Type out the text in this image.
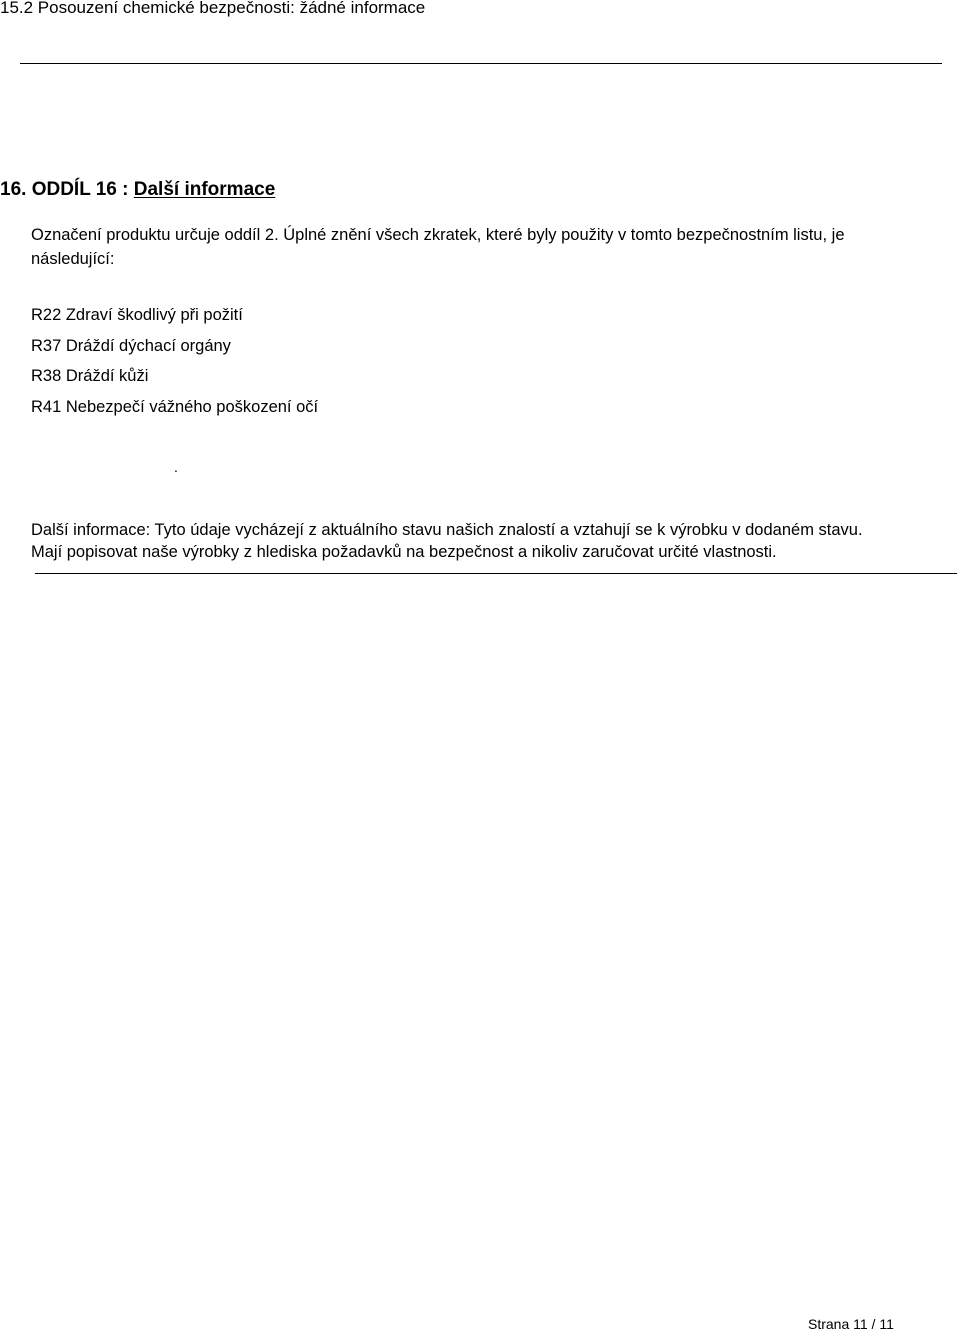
15.2 Posouzení chemické bezpečnosti: žádné informace
16. ODDÍL 16 : Další informace
Označení produktu určuje oddíl 2. Úplné znění všech zkratek, které byly použity v tomto bezpečnostním listu, je následující:
R22 Zdraví škodlivý při požití
R37 Dráždí dýchací orgány
R38 Dráždí kůži
R41 Nebezpečí vážného poškození očí
.
Další informace: Tyto údaje vycházejí z aktuálního stavu našich znalostí a vztahují se k výrobku v dodaném stavu.
Mají popisovat naše výrobky z hlediska požadavků na bezpečnost a nikoliv zaručovat určité vlastnosti.
Strana 11 / 11
